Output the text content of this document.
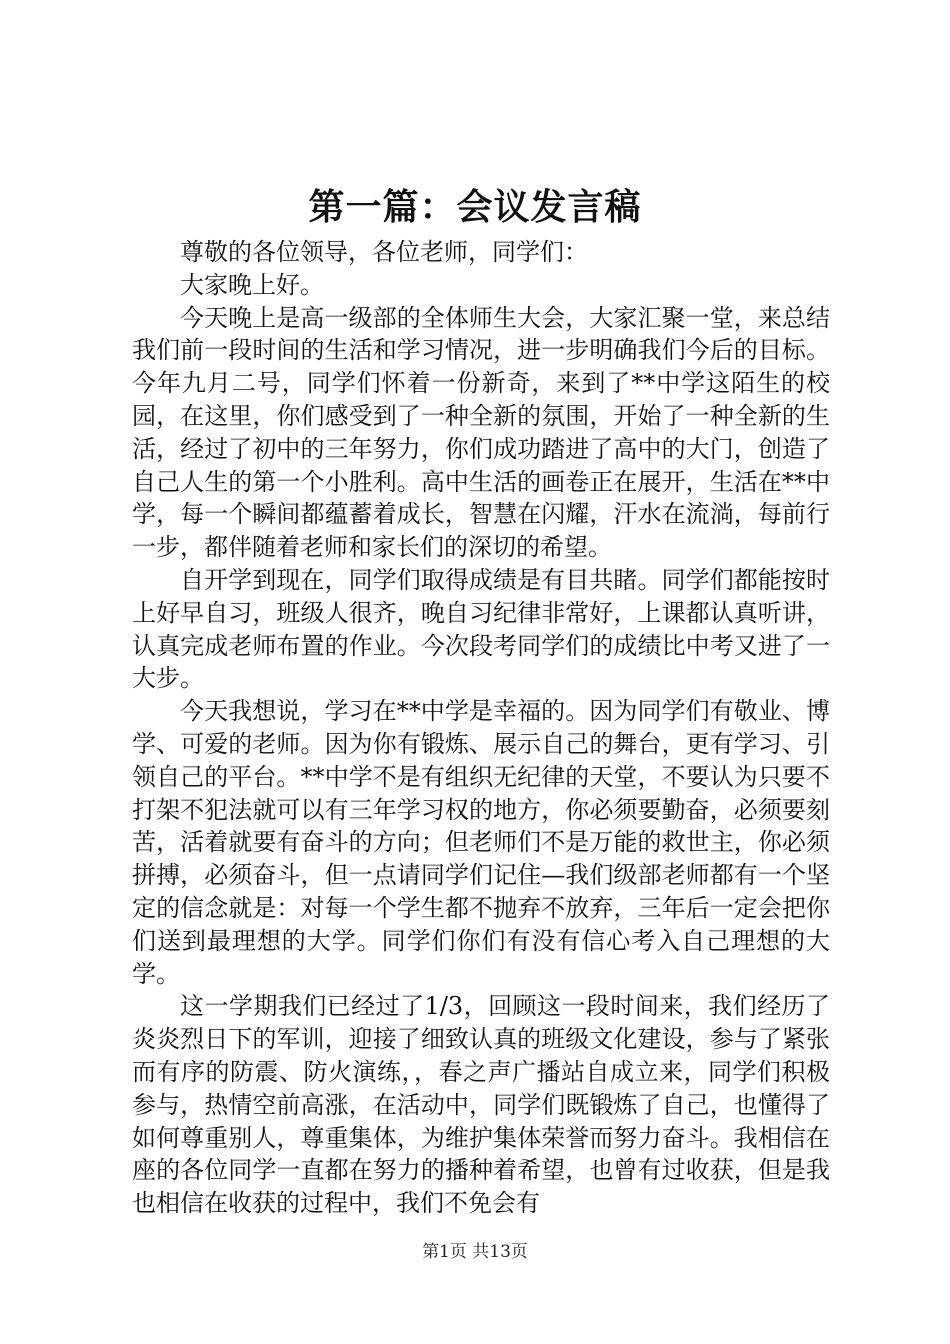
第一篇：会议发言稿

尊敬的各位领导，各位老师，同学们：

大家晚上好。

今天晚上是高一级部的全体师生大会，大家汇聚一堂，来总结我们前一段时间的生活和学习情况，进一步明确我们今后的目标。今年九月二号，同学们怀着一份新奇，来到了**中学这陌生的校园，在这里，你们感受到了一种全新的氛围，开始了一种全新的生活，经过了初中的三年努力，你们成功踏进了高中的大门，创造了自己人生的第一个小胜利。高中生活的画卷正在展开，生活在**中学，每一个瞬间都蕴蓄着成长，智慧在闪耀，汗水在流淌，每前行一步，都伴随着老师和家长们的深切的希望。

自开学到现在，同学们取得成绩是有目共睹。同学们都能按时上好早自习，班级人很齐，晚自习纪律非常好，上课都认真听讲，认真完成老师布置的作业。今次段考同学们的成绩比中考又进了一大步。

今天我想说，学习在**中学是幸福的。因为同学们有敬业、博学、可爱的老师。因为你有锻炼、展示自己的舞台，更有学习、引领自己的平台。**中学不是有组织无纪律的天堂，不要认为只要不打架不犯法就可以有三年学习权的地方，你必须要勤奋，必须要刻苦，活着就要有奋斗的方向；但老师们不是万能的救世主，你必须拼搏，必须奋斗，但一点请同学们记住—我们级部老师都有一个坚定的信念就是：对每一个学生都不抛弃不放弃，三年后一定会把你们送到最理想的大学。同学们你们有没有信心考入自己理想的大学。

这一学期我们已经过了1/3，回顾这一段时间来，我们经历了炎炎烈日下的军训，迎接了细致认真的班级文化建设，参与了紧张而有序的防震、防火演练，，春之声广播站自成立来，同学们积极参与，热情空前高涨，在活动中，同学们既锻炼了自己，也懂得了如何尊重别人，尊重集体，为维护集体荣誉而努力奋斗。我相信在座的各位同学一直都在努力的播种着希望，也曾有过收获，但是我也相信在收获的过程中，我们不免会有

第1页 共13页
